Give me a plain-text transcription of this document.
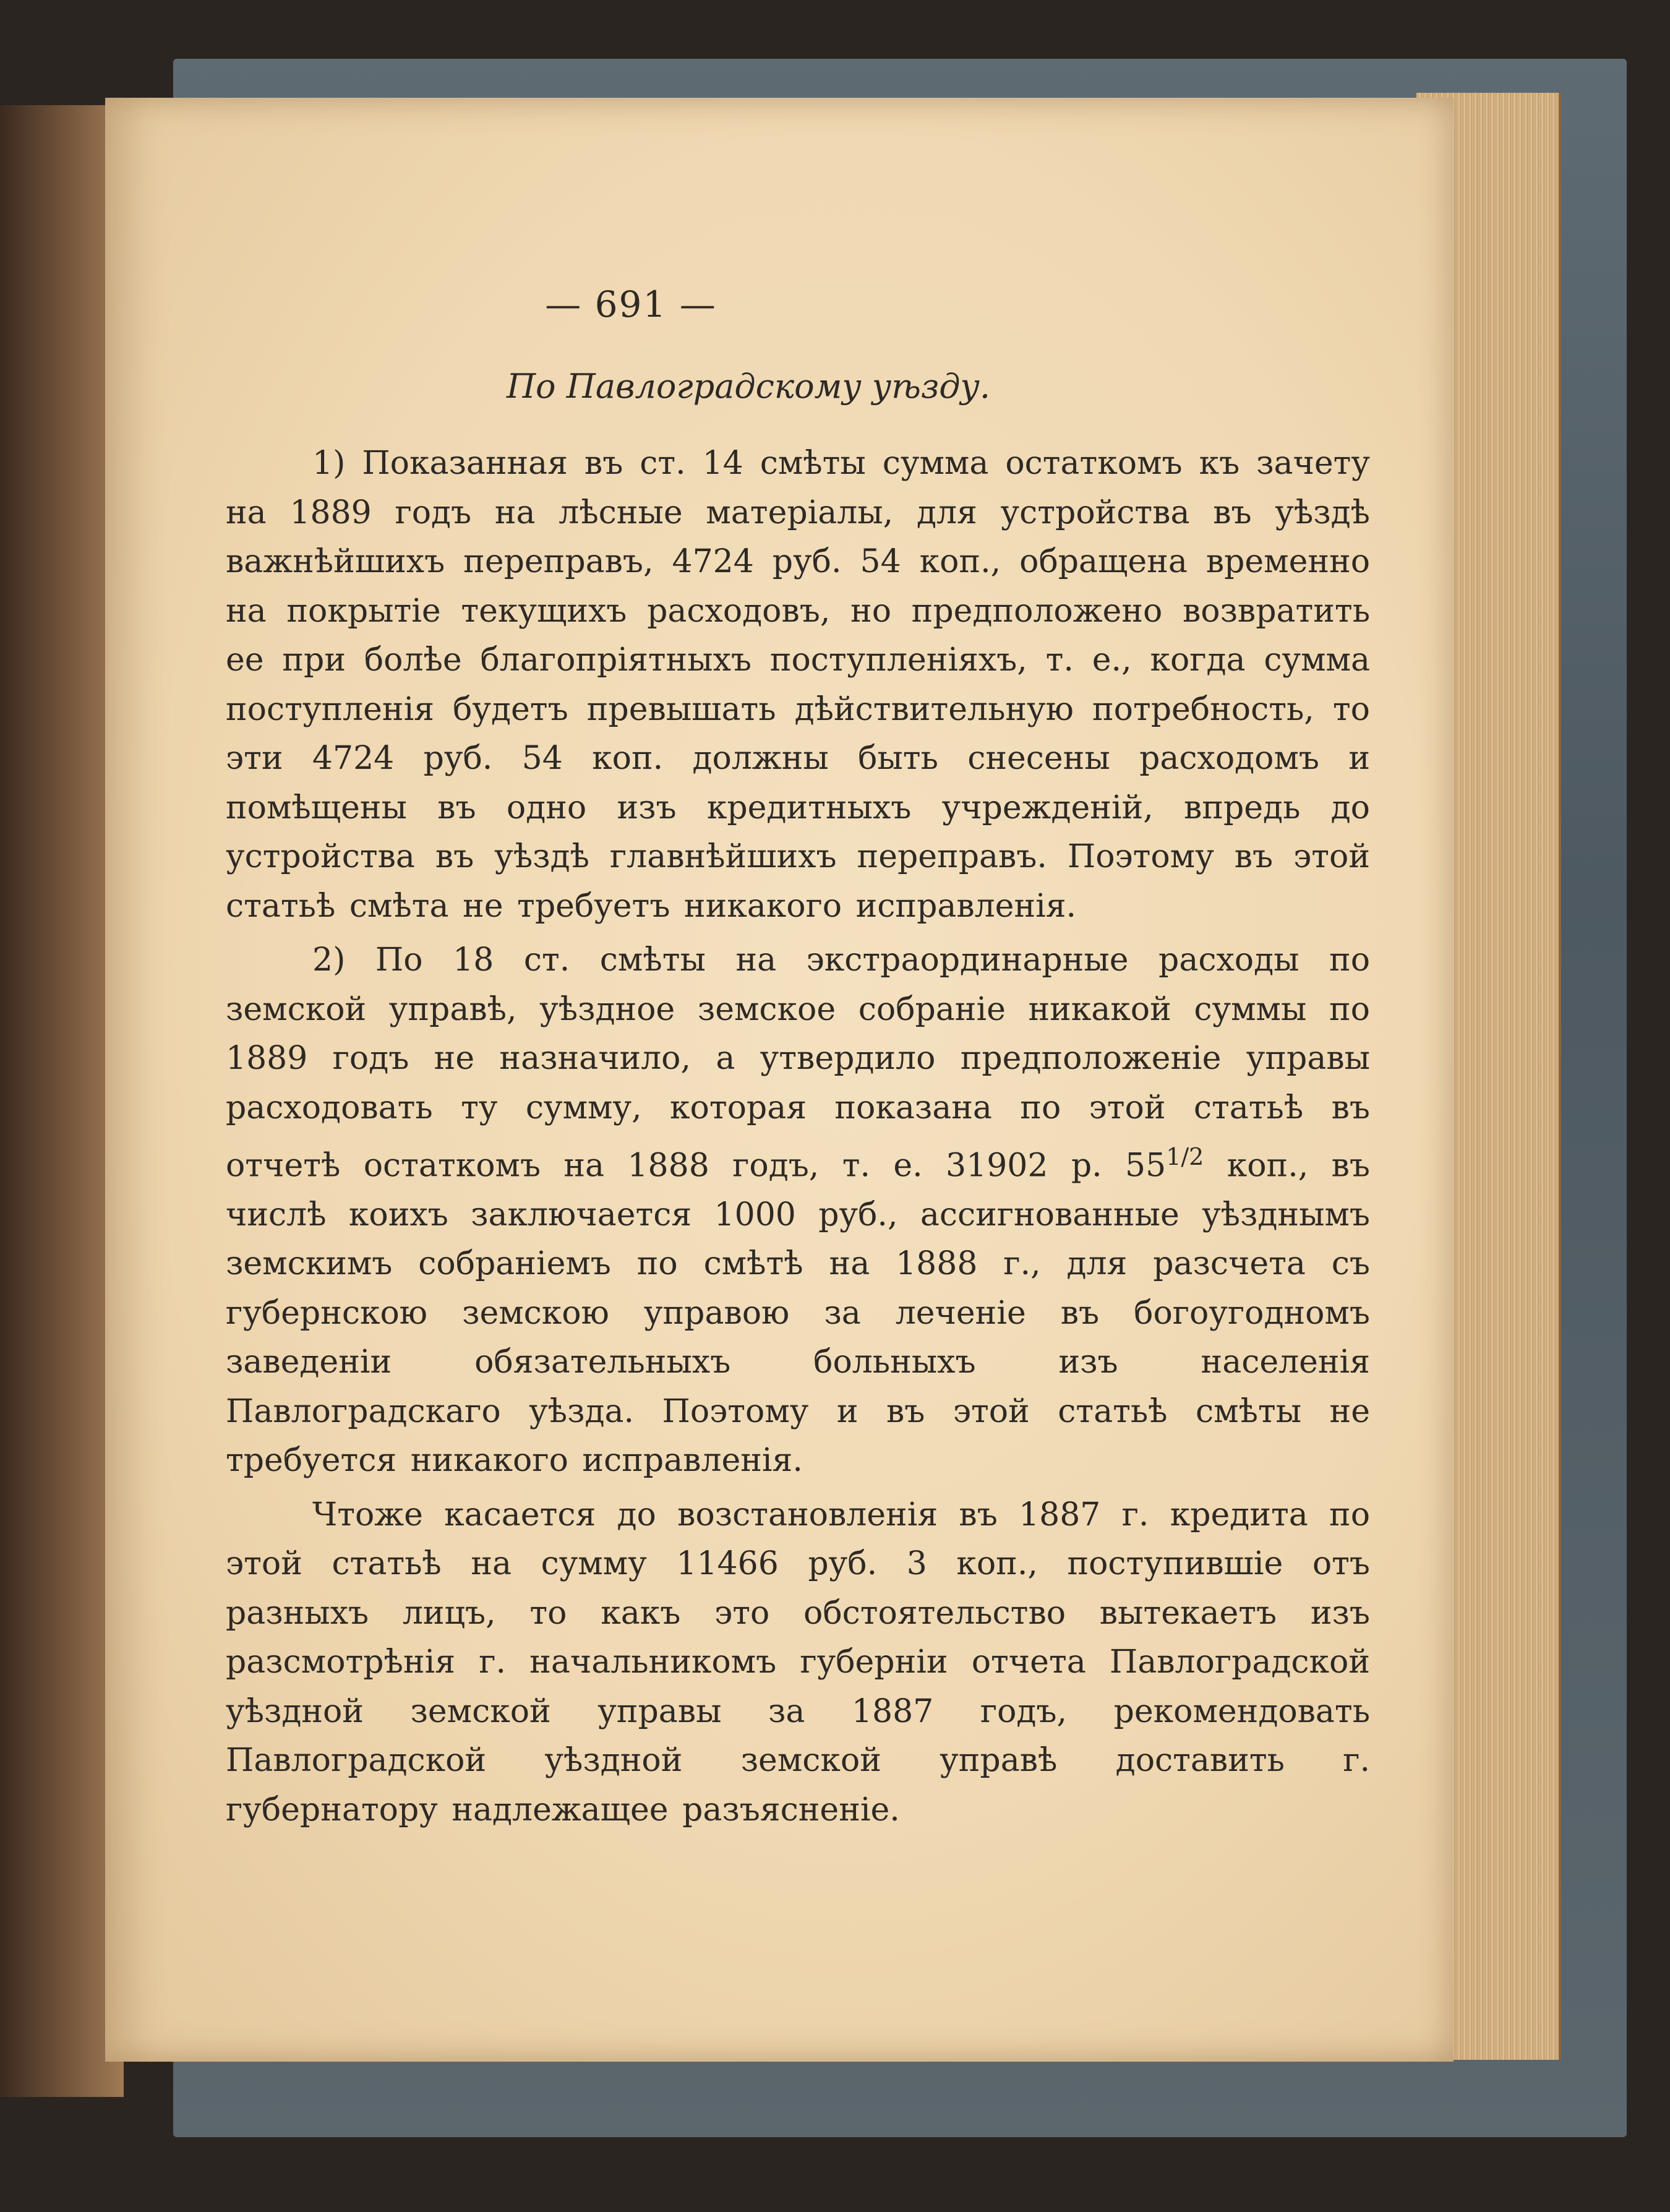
— 691 —
По Павлоградскому уѣзду.

1) Показанная въ ст. 14 смѣты сумма остаткомъ къ зачету на 1889 годъ на лѣсные матеріалы, для устройства въ уѣздѣ важнѣйшихъ переправъ, 4724 руб. 54 коп., обращена временно на покрытіе текущихъ расходовъ, но предположено возвратить ее при болѣе благопріятныхъ поступленіяхъ, т. е., когда сумма поступленія будетъ превышать дѣйствительную потребность, то эти 4724 руб. 54 коп. должны быть снесены расходомъ и помѣщены въ одно изъ кредитныхъ учрежденій, впредь до устройства въ уѣздѣ главнѣйшихъ переправъ. Поэтому въ этой статьѣ смѣта не требуетъ никакого исправленія.

2) По 18 ст. смѣты на экстраординарные расходы по земской управѣ, уѣздное земское собраніе никакой суммы по 1889 годъ не назначило, а утвердило предположеніе управы расходовать ту сумму, которая показана по этой статьѣ въ отчетѣ остаткомъ на 1888 годъ, т. е. 31902 р. $55^{1/2}$ коп., въ числѣ коихъ заключается 1000 руб., ассигнованные уѣзднымъ земскимъ собраніемъ по смѣтѣ на 1888 г., для разсчета съ губернскою земскою управою за леченіе въ богоугодномъ заведеніи обязательныхъ больныхъ изъ населенія Павлоградскаго уѣзда. Поэтому и въ этой статьѣ смѣты не требуется никакого исправленія.

Чтоже касается до возстановленія въ 1887 г. кредита по этой статьѣ на сумму 11466 руб. 3 коп., поступившіе отъ разныхъ лицъ, то какъ это обстоятельство вытекаетъ изъ разсмотрѣнія г. начальникомъ губерніи отчета Павлоградской уѣздной земской управы за 1887 годъ, рекомендовать Павлоградской уѣздной земской управѣ доставить г. губернатору надлежащее разъясненіе.
